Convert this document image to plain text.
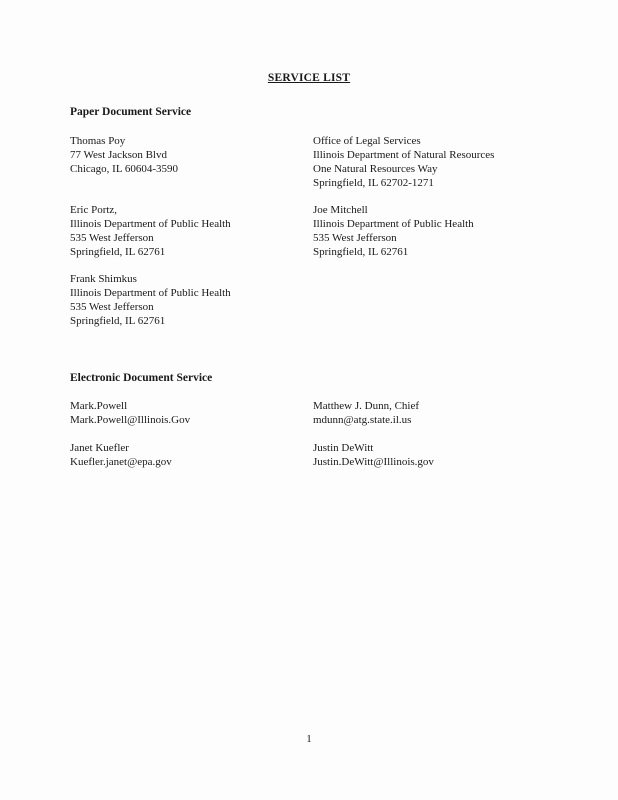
SERVICE LIST
Paper Document Service
Thomas Poy
77 West Jackson Blvd
Chicago, IL 60604-3590
Office of Legal Services
Illinois Department of Natural Resources
One Natural Resources Way
Springfield, IL 62702-1271
Eric Portz,
Illinois Department of Public Health
535 West Jefferson
Springfield, IL 62761
Joe Mitchell
Illinois Department of Public Health
535 West Jefferson
Springfield, IL 62761
Frank Shimkus
Illinois Department of Public Health
535 West Jefferson
Springfield, IL 62761
Electronic Document Service
Mark.Powell
Mark.Powell@Illinois.Gov
Matthew J. Dunn, Chief
mdunn@atg.state.il.us
Janet Kuefler
Kuefler.janet@epa.gov
Justin DeWitt
Justin.DeWitt@Illinois.gov
1
